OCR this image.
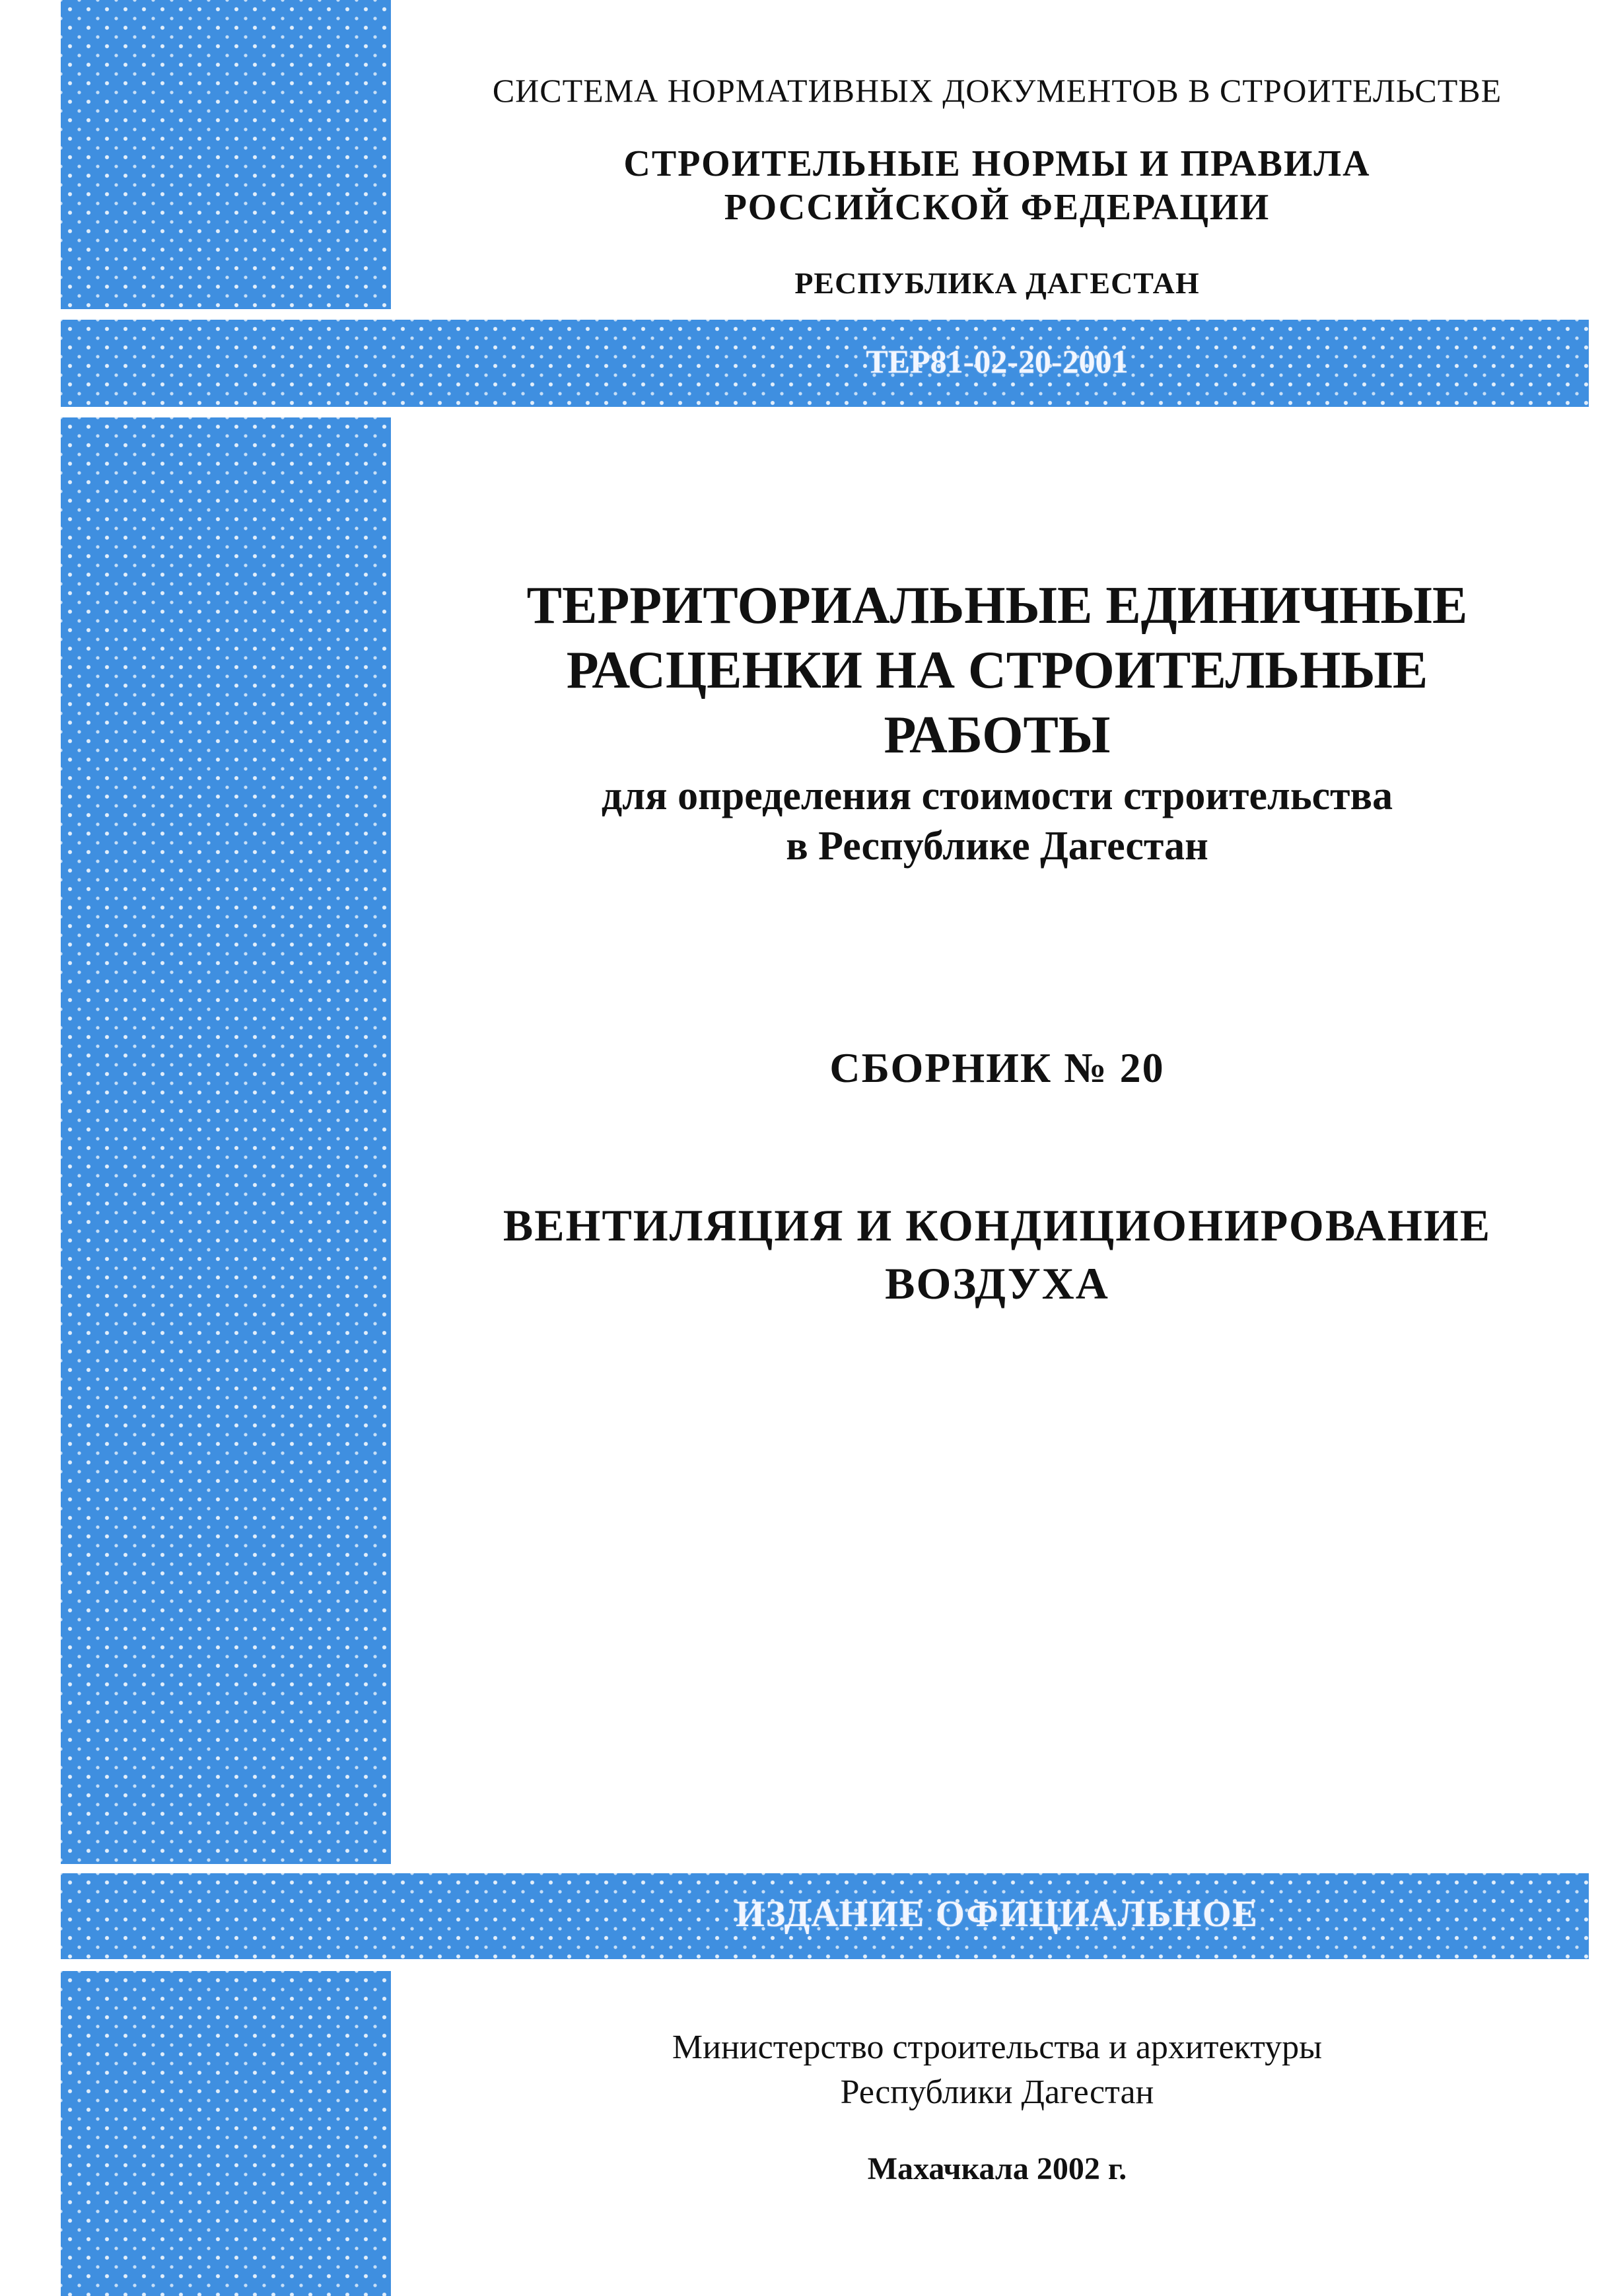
СИСТЕМА НОРМАТИВНЫХ ДОКУМЕНТОВ В СТРОИТЕЛЬСТВЕ
СТРОИТЕЛЬНЫЕ НОРМЫ И ПРАВИЛА
РОССИЙСКОЙ ФЕДЕРАЦИИ
РЕСПУБЛИКА ДАГЕСТАН
ТЕР81-02-20-2001
ТЕРРИТОРИАЛЬНЫЕ ЕДИНИЧНЫЕ
РАСЦЕНКИ НА СТРОИТЕЛЬНЫЕ
РАБОТЫ
для определения стоимости строительства
в Республике Дагестан
СБОРНИК № 20
ВЕНТИЛЯЦИЯ И КОНДИЦИОНИРОВАНИЕ
ВОЗДУХА
ИЗДАНИЕ ОФИЦИАЛЬНОЕ
Министерство строительства и архитектуры
Республики Дагестан
Махачкала 2002 г.
